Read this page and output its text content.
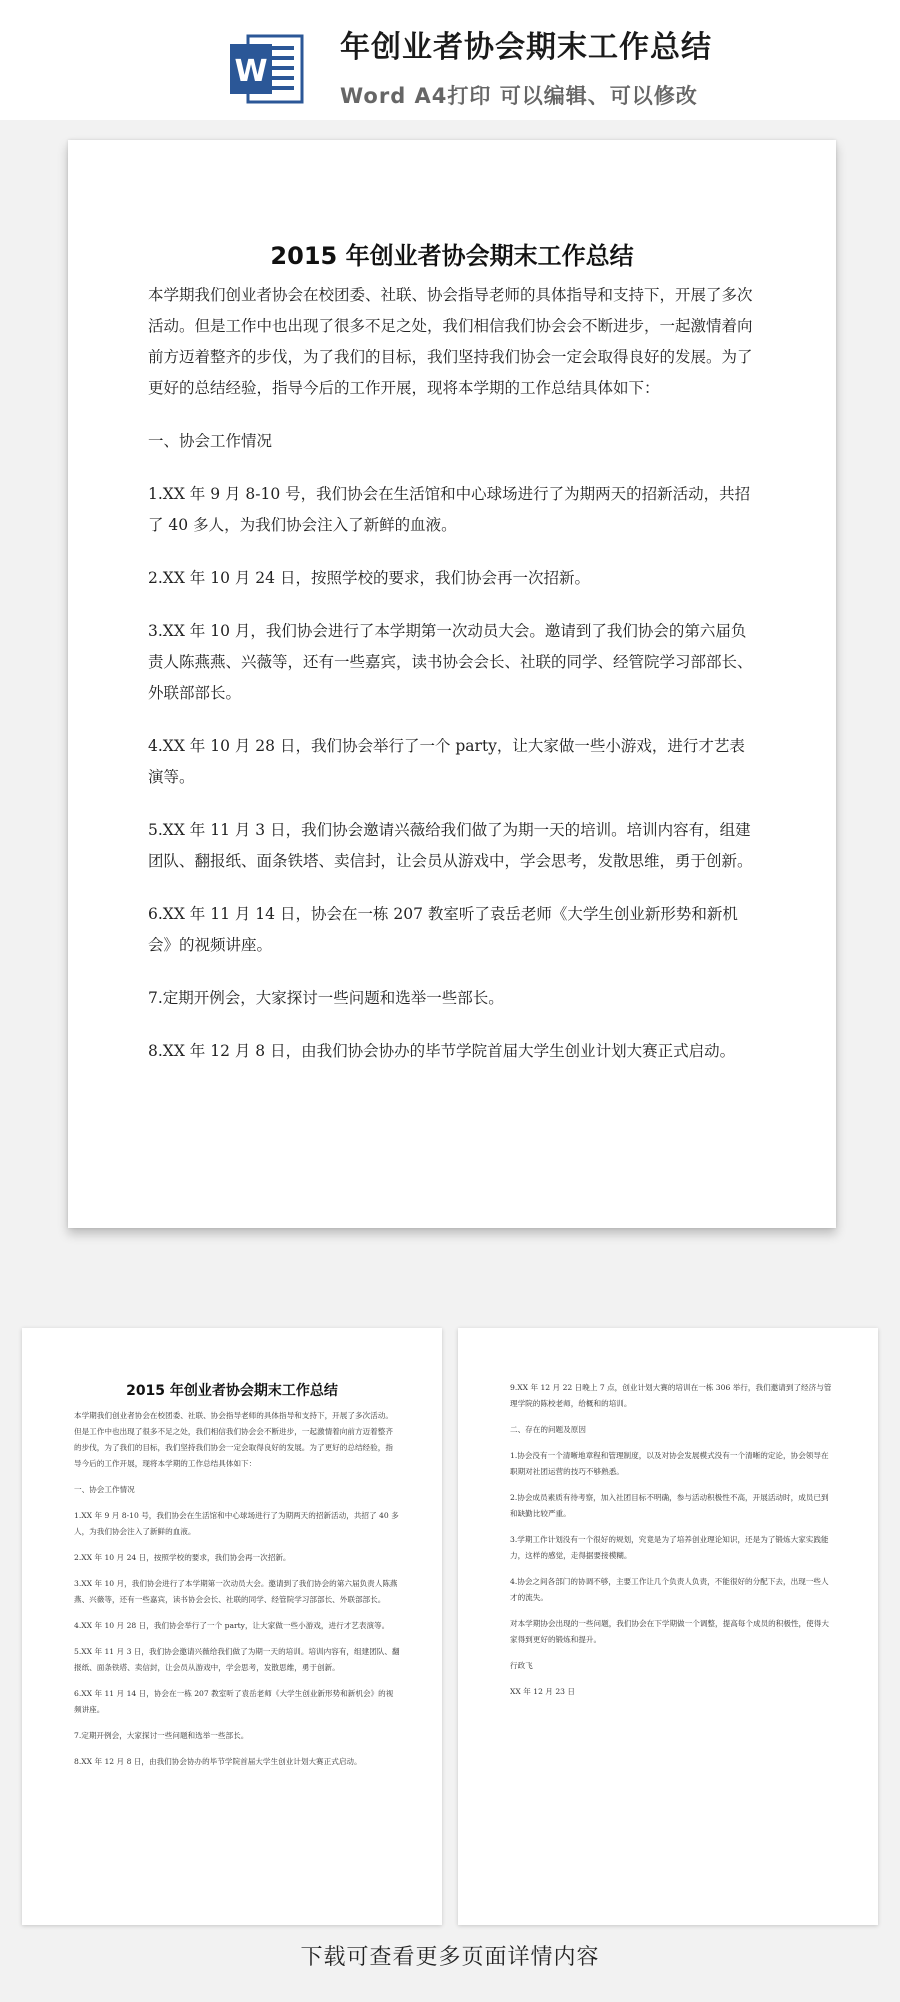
W
年创业者协会期末工作总结
Word A4打印 可以编辑、可以修改
2015 年创业者协会期末工作总结

本学期我们创业者协会在校团委、社联、协会指导老师的具体指导和支持下，开展了多次活动。但是工作中也出现了很多不足之处，我们相信我们协会会不断进步，一起激情着向前方迈着整齐的步伐，为了我们的目标，我们坚持我们协会一定会取得良好的发展。为了更好的总结经验，指导今后的工作开展，现将本学期的工作总结具体如下：

一、协会工作情况

1.XX 年 9 月 8-10 号，我们协会在生活馆和中心球场进行了为期两天的招新活动，共招了 40 多人，为我们协会注入了新鲜的血液。

2.XX 年 10 月 24 日，按照学校的要求，我们协会再一次招新。

3.XX 年 10 月，我们协会进行了本学期第一次动员大会。邀请到了我们协会的第六届负责人陈燕燕、兴薇等，还有一些嘉宾，读书协会会长、社联的同学、经管院学习部部长、外联部部长。

4.XX 年 10 月 28 日，我们协会举行了一个 party，让大家做一些小游戏，进行才艺表演等。

5.XX 年 11 月 3 日，我们协会邀请兴薇给我们做了为期一天的培训。培训内容有，组建团队、翻报纸、面条铁塔、卖信封，让会员从游戏中，学会思考，发散思维，勇于创新。

6.XX 年 11 月 14 日，协会在一栋 207 教室听了袁岳老师《大学生创业新形势和新机会》的视频讲座。

7.定期开例会，大家探讨一些问题和选举一些部长。

8.XX 年 12 月 8 日，由我们协会协办的毕节学院首届大学生创业计划大赛正式启动。

2015 年创业者协会期末工作总结

本学期我们创业者协会在校团委、社联、协会指导老师的具体指导和支持下，开展了多次活动。但是工作中也出现了很多不足之处，我们相信我们协会会不断进步，一起激情着向前方迈着整齐的步伐，为了我们的目标，我们坚持我们协会一定会取得良好的发展。为了更好的总结经验，指导今后的工作开展，现将本学期的工作总结具体如下：

一、协会工作情况

1.XX 年 9 月 8-10 号，我们协会在生活馆和中心球场进行了为期两天的招新活动，共招了 40 多人，为我们协会注入了新鲜的血液。

2.XX 年 10 月 24 日，按照学校的要求，我们协会再一次招新。

3.XX 年 10 月，我们协会进行了本学期第一次动员大会。邀请到了我们协会的第六届负责人陈燕燕、兴薇等，还有一些嘉宾，读书协会会长、社联的同学、经管院学习部部长、外联部部长。

4.XX 年 10 月 28 日，我们协会举行了一个 party，让大家做一些小游戏，进行才艺表演等。

5.XX 年 11 月 3 日，我们协会邀请兴薇给我们做了为期一天的培训。培训内容有，组建团队、翻报纸、面条铁塔、卖信封，让会员从游戏中，学会思考，发散思维，勇于创新。

6.XX 年 11 月 14 日，协会在一栋 207 教室听了袁岳老师《大学生创业新形势和新机会》的视频讲座。

7.定期开例会，大家探讨一些问题和选举一些部长。

8.XX 年 12 月 8 日，由我们协会协办的毕节学院首届大学生创业计划大赛正式启动。

9.XX 年 12 月 22 日晚上 7 点，创业计划大赛的培训在一栋 306 举行，我们邀请到了经济与管理学院的陈校老师，给概和的培训。

二、存在的问题及原因

1.协会没有一个清晰地章程和管理制度，以及对协会发展模式没有一个清晰的定论，协会领导在职期对社团运营的技巧不够熟悉。

2.协会成员素质有待考察，加入社团目标不明确，参与活动积极性不高，开展活动时，成员已到和缺勤比较严重。

3.学期工作计划没有一个很好的规划，究竟是为了培养创业理论知识，还是为了锻炼大家实践能力，这样的感觉，走得据要接模糊。

4.协会之间各部门的协调不够，主要工作让几个负责人负责，不能很好的分配下去，出现一些人才的流失。

对本学期协会出现的一些问题，我们协会在下学期做一个调整，提高每个成员的积极性，使得大家得到更好的锻炼和提升。

行政飞

XX 年 12 月 23 日

下载可查看更多页面详情内容
